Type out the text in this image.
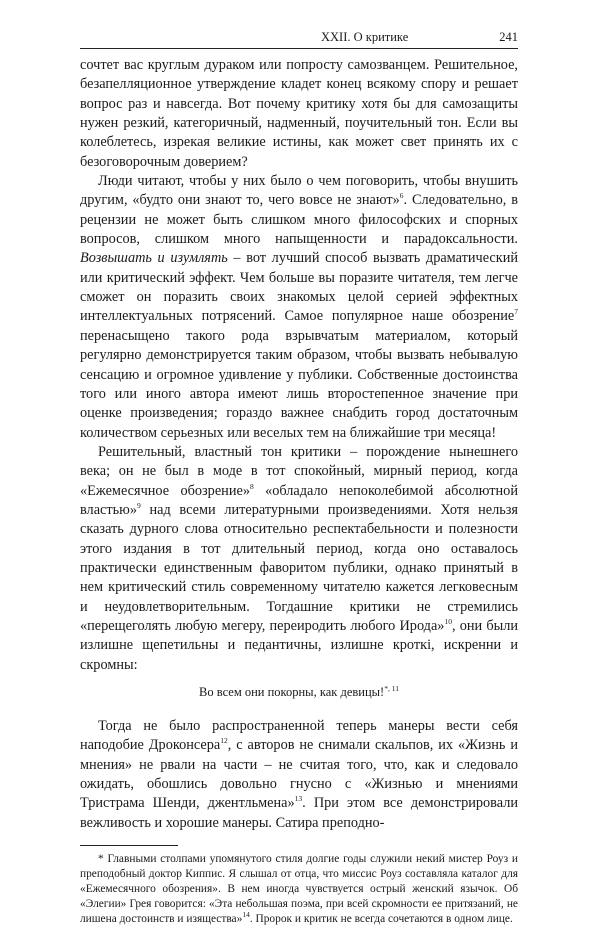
XXII. О критике	241

сочтет вас круглым дураком или попросту самозванцем. Решительное, безапелляционное утверждение кладет конец всякому спору и решает вопрос раз и навсегда. Вот почему критику хотя бы для самозащиты нужен резкий, категоричный, надменный, поучительный тон. Если вы колеблетесь, изрекая великие истины, как может свет принять их с безоговорочным доверием?

Люди читают, чтобы у них было о чем поговорить, чтобы внушить другим, «будто они знают то, чего вовсе не знают»$^6$. Следовательно, в рецензии не может быть слишком много философских и спорных вопросов, слишком много напыщенности и парадоксальности. Возвышать и изумлять – вот лучший способ вызвать драматический или критический эффект. Чем больше вы поразите читателя, тем легче сможет он поразить своих знакомых целой серией эффектных интеллектуальных потрясений. Самое популярное наше обозрение$^7$ перенасыщено такого рода взрывчатым материалом, который регулярно демонстрируется таким образом, чтобы вызвать небывалую сенсацию и огромное удивление у публики. Собственные достоинства того или иного автора имеют лишь второстепенное значение при оценке произведения; гораздо важнее снабдить город достаточным количеством серьезных или веселых тем на ближайшие три месяца!

Решительный, властный тон критики – порождение нынешнего века; он не был в моде в тот спокойный, мирный период, когда «Ежемесячное обозрение»$^8$ «обладало непоколебимой абсолютной властью»$^9$ над всеми литературными произведениями. Хотя нельзя сказать дурного слова относительно респектабельности и полезности этого издания в тот длительный период, когда оно оставалось практически единственным фаворитом публики, однако принятый в нем критический стиль современному читателю кажется легковесным и неудовлетворительным. Тогдашние критики не стремились «перещеголять любую мегеру, переиродить любого Ирода»$^{10}$, они были излишне щепетильны и педантичны, излишне кроткi, искренни и скромны:

Во всем они покорны, как девицы!$^{*, 11}$

Тогда не было распространенной теперь манеры вести себя наподобие Дроконсера$^{12}$, с авторов не снимали скальпов, их «Жизнь и мнения» не рвали на части – не считая того, что, как и следовало ожидать, обошлись довольно гнусно с «Жизнью и мнениями Тристрама Шенди, джентльмена»$^{13}$. При этом все демонстрировали вежливость и хорошие манеры. Сатира преподно-

* Главными столпами упомянутого стиля долгие годы служили некий мистер Роуз и преподобный доктор Киппис. Я слышал от отца, что миссис Роуз составляла каталог для «Ежемесячного обозрения». В нем иногда чувствуется острый женский язычок. Об «Элегии» Грея говорится: «Эта небольшая поэма, при всей скромности ее притязаний, не лишена достоинств и изящества»$^{14}$. Пророк и критик не всегда сочетаются в одном лице.
